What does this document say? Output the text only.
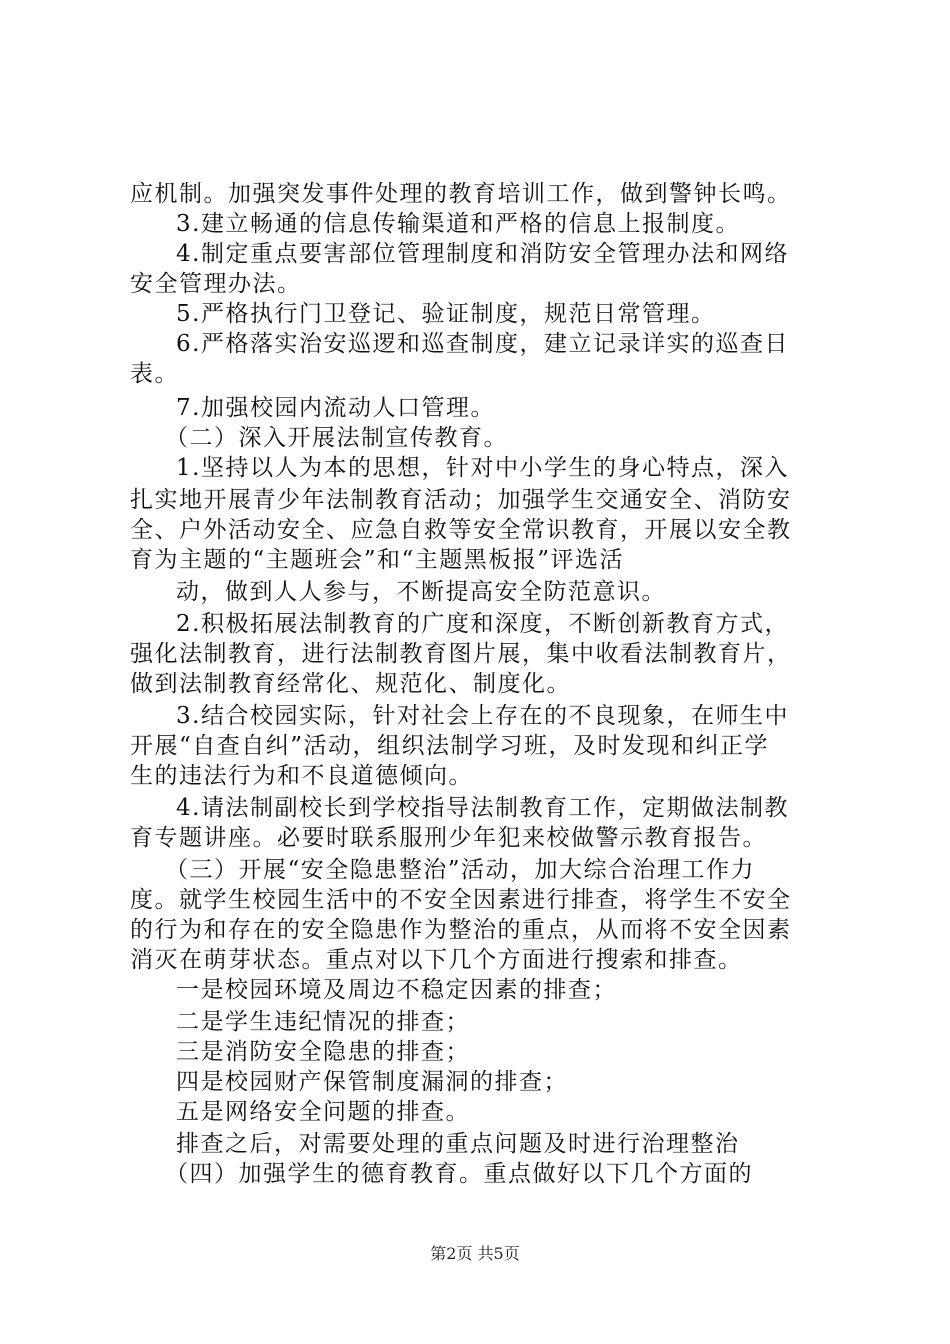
应机制。加强突发事件处理的教育培训工作，做到警钟长鸣。
3.建立畅通的信息传输渠道和严格的信息上报制度。
4.制定重点要害部位管理制度和消防安全管理办法和网络
安全管理办法。
5.严格执行门卫登记、验证制度，规范日常管理。
6.严格落实治安巡逻和巡查制度，建立记录详实的巡查日
表。
7.加强校园内流动人口管理。
（二）深入开展法制宣传教育。
1.坚持以人为本的思想，针对中小学生的身心特点，深入
扎实地开展青少年法制教育活动；加强学生交通安全、消防安
全、户外活动安全、应急自救等安全常识教育，开展以安全教
育为主题的“主题班会”和“主题黑板报”评选活
动，做到人人参与，不断提高安全防范意识。
2.积极拓展法制教育的广度和深度，不断创新教育方式，
强化法制教育，进行法制教育图片展，集中收看法制教育片，
做到法制教育经常化、规范化、制度化。
3.结合校园实际，针对社会上存在的不良现象，在师生中
开展“自查自纠”活动，组织法制学习班，及时发现和纠正学
生的违法行为和不良道德倾向。
4.请法制副校长到学校指导法制教育工作，定期做法制教
育专题讲座。必要时联系服刑少年犯来校做警示教育报告。
（三）开展“安全隐患整治”活动，加大综合治理工作力
度。就学生校园生活中的不安全因素进行排查，将学生不安全
的行为和存在的安全隐患作为整治的重点，从而将不安全因素
消灭在萌芽状态。重点对以下几个方面进行搜索和排查。
一是校园环境及周边不稳定因素的排查；
二是学生违纪情况的排查；
三是消防安全隐患的排查；
四是校园财产保管制度漏洞的排查；
五是网络安全问题的排查。
排查之后，对需要处理的重点问题及时进行治理整治
（四）加强学生的德育教育。重点做好以下几个方面的
第2页 共5页
